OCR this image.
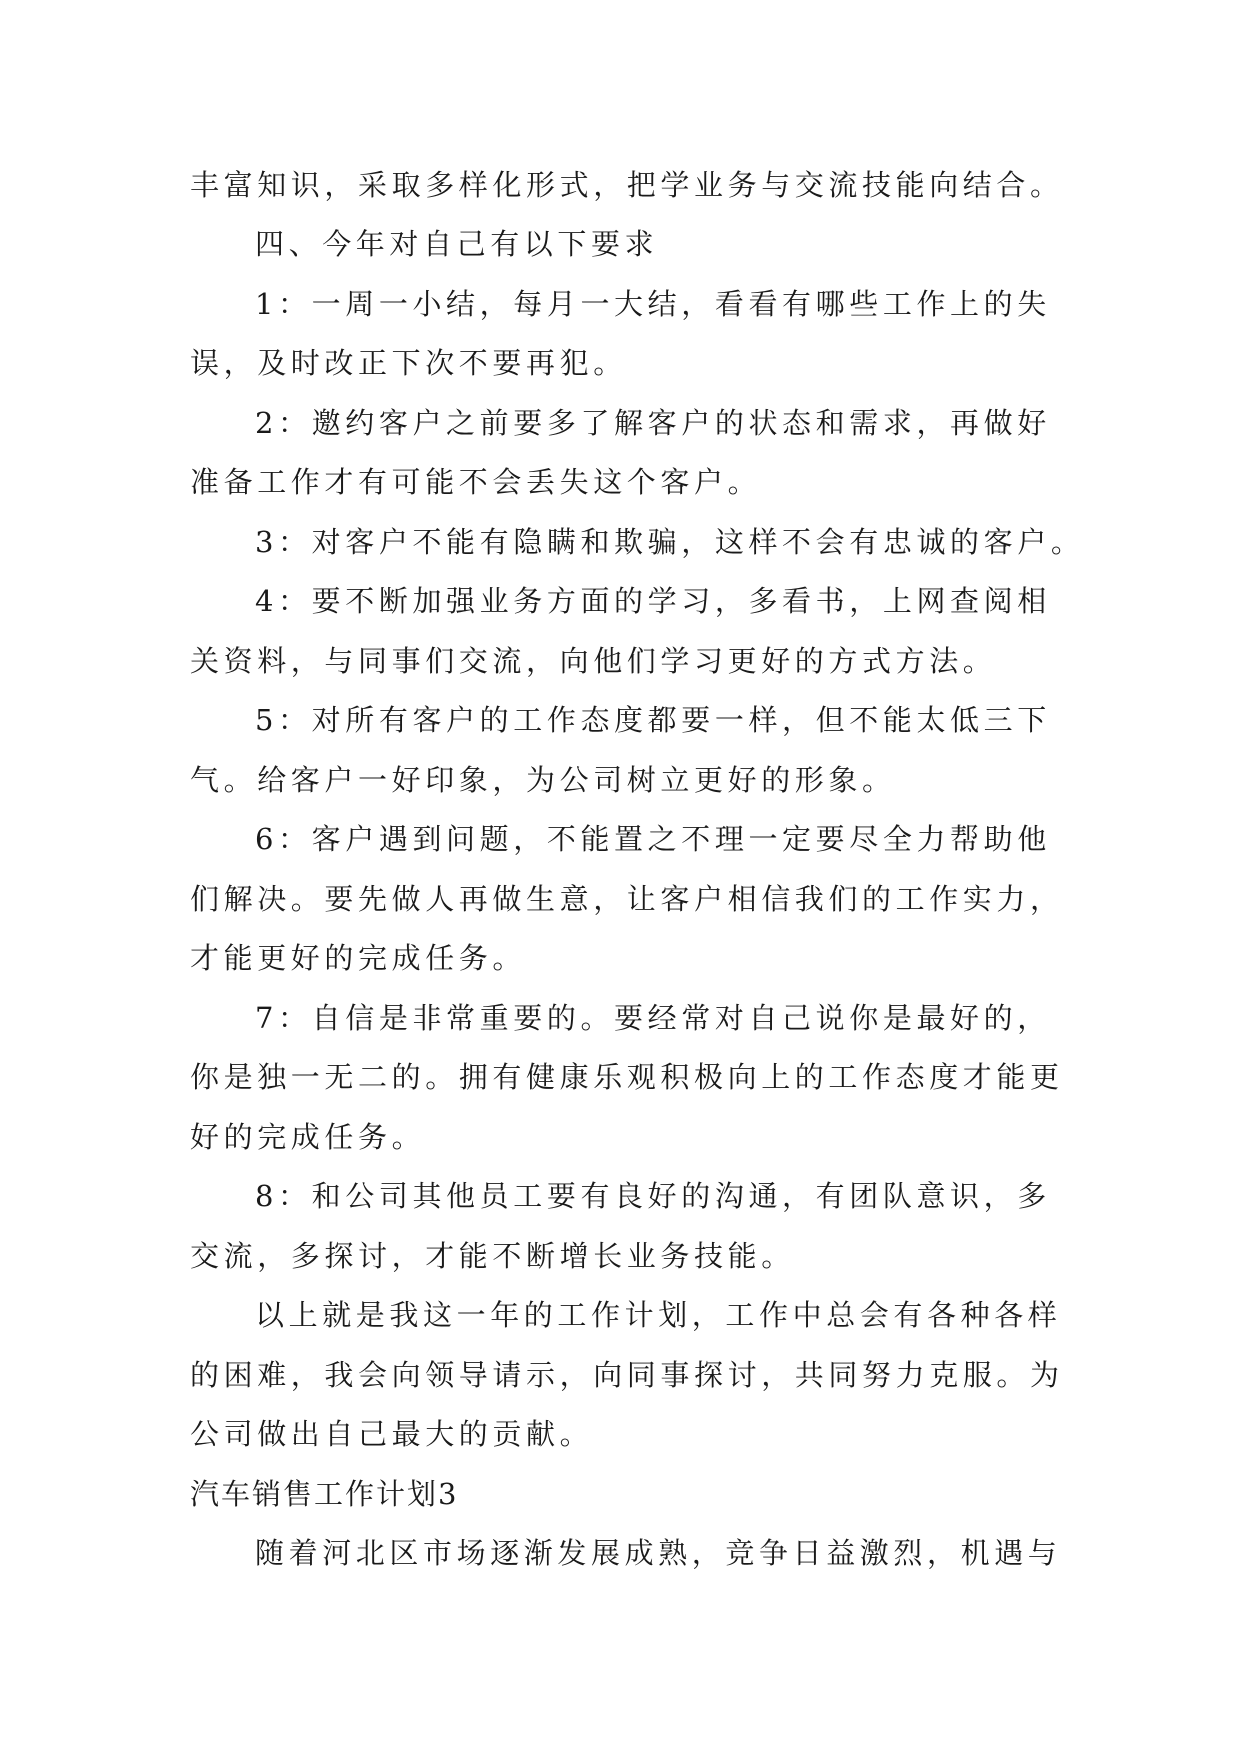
丰富知识，采取多样化形式，把学业务与交流技能向结合。
四、今年对自己有以下要求
1：一周一小结，每月一大结，看看有哪些工作上的失
误，及时改正下次不要再犯。
2：邀约客户之前要多了解客户的状态和需求，再做好
准备工作才有可能不会丢失这个客户。
3：对客户不能有隐瞒和欺骗，这样不会有忠诚的客户。
4：要不断加强业务方面的学习，多看书，上网查阅相
关资料，与同事们交流，向他们学习更好的方式方法。
5：对所有客户的工作态度都要一样，但不能太低三下
气。给客户一好印象，为公司树立更好的形象。
6：客户遇到问题，不能置之不理一定要尽全力帮助他
们解决。要先做人再做生意，让客户相信我们的工作实力，
才能更好的完成任务。
7：自信是非常重要的。要经常对自己说你是最好的，
你是独一无二的。拥有健康乐观积极向上的工作态度才能更
好的完成任务。
8：和公司其他员工要有良好的沟通，有团队意识，多
交流，多探讨，才能不断增长业务技能。
以上就是我这一年的工作计划，工作中总会有各种各样
的困难，我会向领导请示，向同事探讨，共同努力克服。为
公司做出自己最大的贡献。
汽车销售工作计划3
随着河北区市场逐渐发展成熟，竞争日益激烈，机遇与
